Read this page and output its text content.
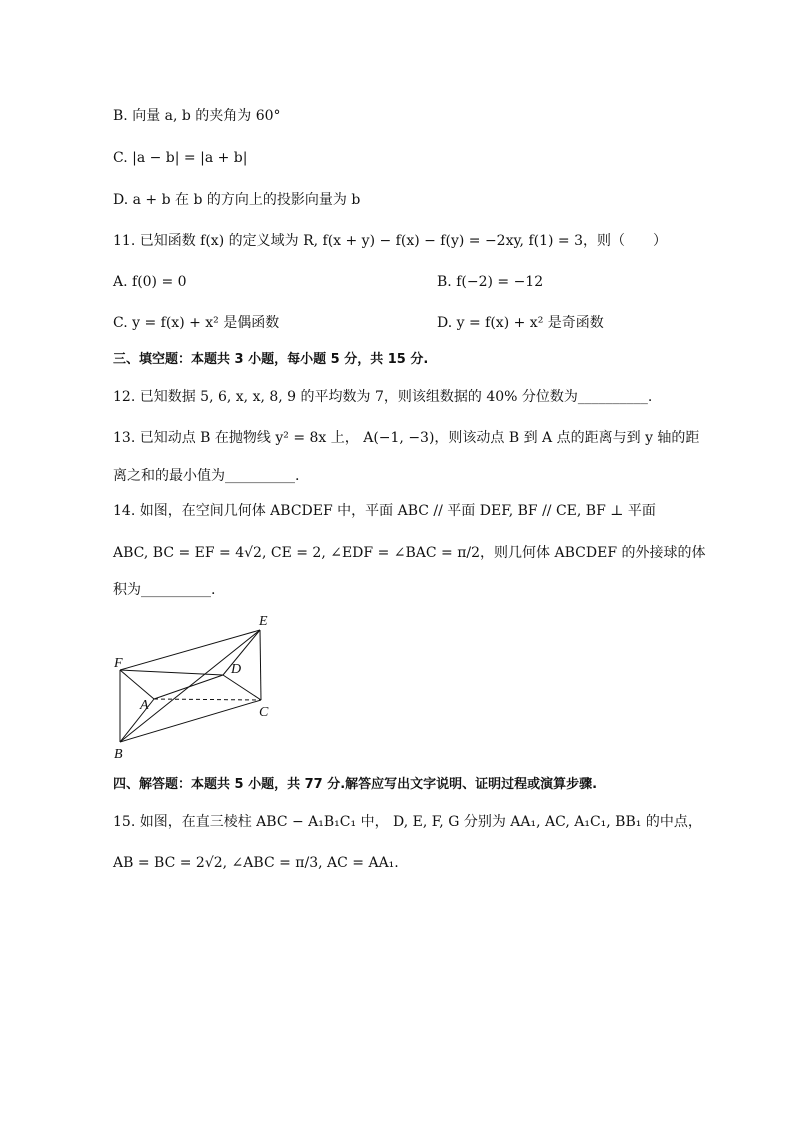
B. 向量 a, b 的夹角为 60°
C. |a − b| = |a + b|
D. a + b 在 b 的方向上的投影向量为 b
11. 已知函数 f(x) 的定义域为 R, f(x + y) − f(x) − f(y) = −2xy, f(1) = 3，则（　　）
A. f(0) = 0	B. f(−2) = −12
C. y = f(x) + x² 是偶函数	D. y = f(x) + x² 是奇函数
三、填空题：本题共 3 小题，每小题 5 分，共 15 分.
12. 已知数据 5, 6, x, x, 8, 9 的平均数为 7，则该组数据的 40% 分位数为__________.
13. 已知动点 B 在抛物线 y² = 8x 上， A(−1, −3)，则该动点 B 到 A 点的距离与到 y 轴的距
离之和的最小值为__________.
14. 如图，在空间几何体 ABCDEF 中，平面 ABC // 平面 DEF, BF // CE, BF ⊥ 平面
ABC, BC = EF = 4√2, CE = 2, ∠EDF = ∠BAC = π/2，则几何体 ABCDEF 的外接球的体
积为__________.
E
F	D
A	C
B
四、解答题：本题共 5 小题，共 77 分.解答应写出文字说明、证明过程或演算步骤.
15. 如图，在直三棱柱 ABC − A₁B₁C₁ 中， D, E, F, G 分别为 AA₁, AC, A₁C₁, BB₁ 的中点，
AB = BC = 2√2, ∠ABC = π/3, AC = AA₁.
